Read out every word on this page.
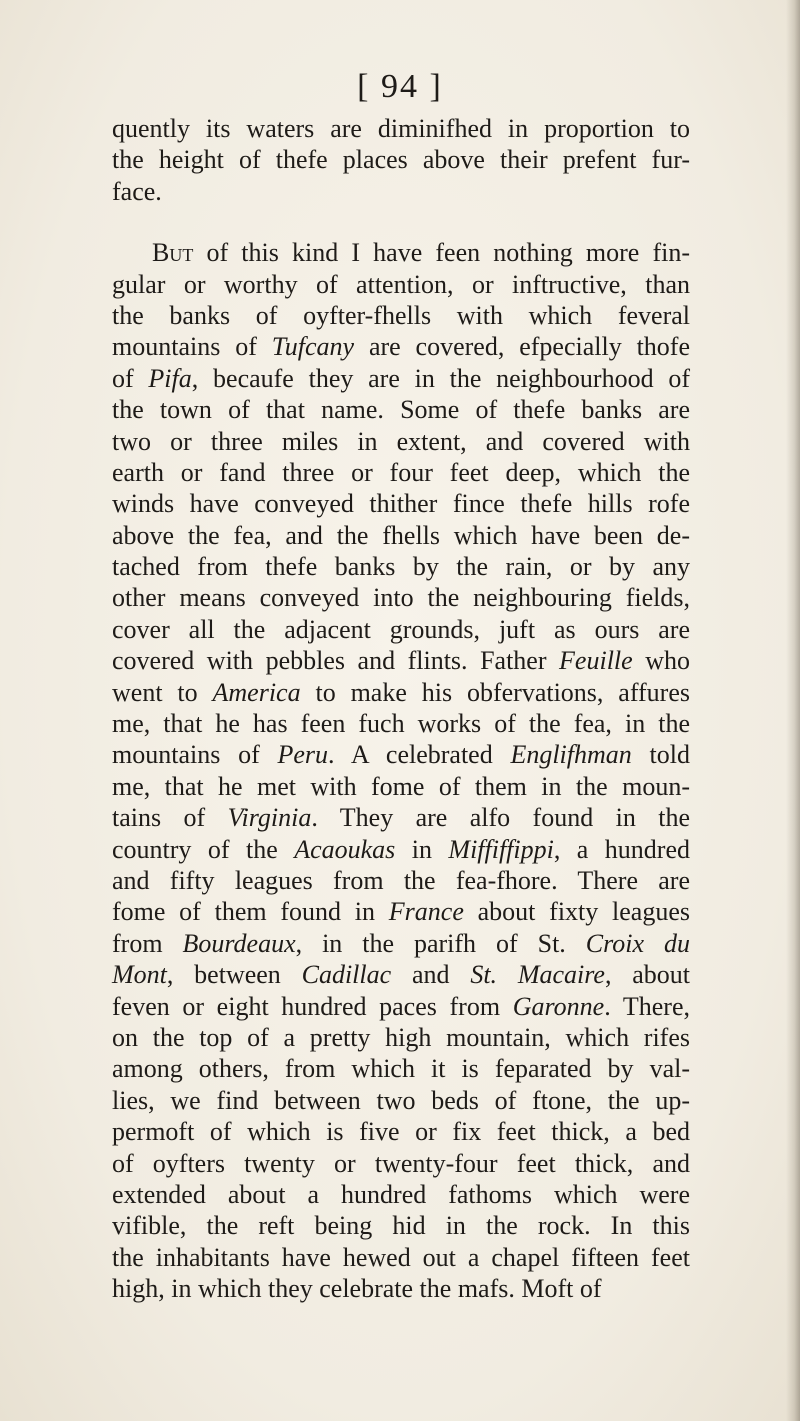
[ 94 ]
quently its waters are diminifhed in proportion to
the height of thefe places above their prefent fur-
face.
But of this kind I have feen nothing more fin-
gular or worthy of attention, or inftructive, than
the banks of oyfter-fhells with which feveral
mountains of Tufcany are covered, efpecially thofe
of Pifa, becaufe they are in the neighbourhood of
the town of that name. Some of thefe banks are
two or three miles in extent, and covered with
earth or fand three or four feet deep, which the
winds have conveyed thither fince thefe hills rofe
above the fea, and the fhells which have been de-
tached from thefe banks by the rain, or by any
other means conveyed into the neighbouring fields,
cover all the adjacent grounds, juft as ours are
covered with pebbles and flints. Father Feuille who
went to America to make his obfervations, affures
me, that he has feen fuch works of the fea, in the
mountains of Peru. A celebrated Englifhman told
me, that he met with fome of them in the moun-
tains of Virginia. They are alfo found in the
country of the Acaoukas in Miffiffippi, a hundred
and fifty leagues from the fea-fhore. There are
fome of them found in France about fixty leagues
from Bourdeaux, in the parifh of St. Croix du
Mont, between Cadillac and St. Macaire, about
feven or eight hundred paces from Garonne. There,
on the top of a pretty high mountain, which rifes
among others, from which it is feparated by val-
lies, we find between two beds of ftone, the up-
permoft of which is five or fix feet thick, a bed
of oyfters twenty or twenty-four feet thick, and
extended about a hundred fathoms which were
vifible, the reft being hid in the rock. In this
the inhabitants have hewed out a chapel fifteen feet
high, in which they celebrate the mafs. Moft of
